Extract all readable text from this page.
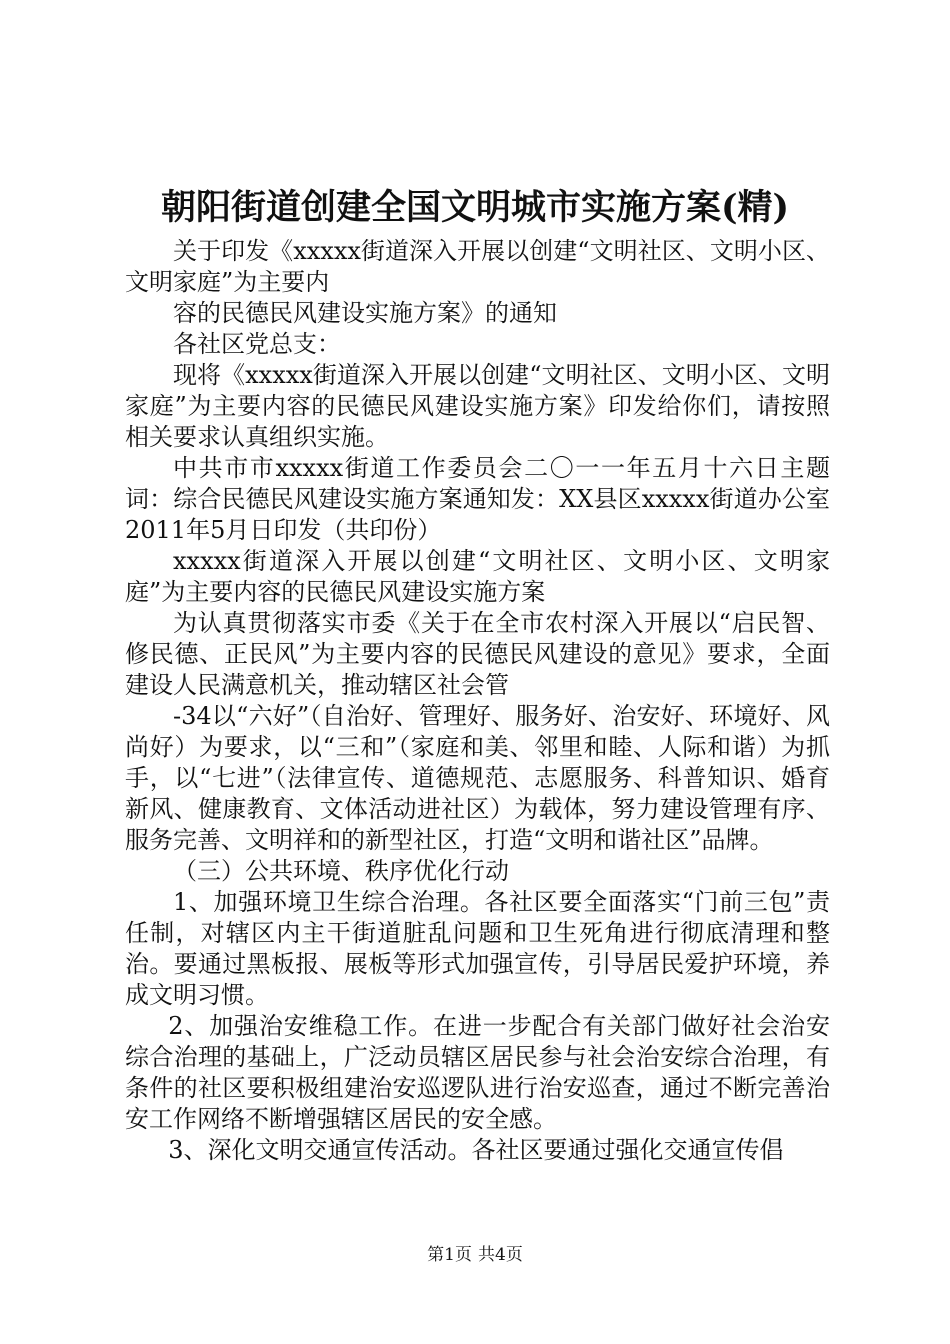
朝阳街道创建全国文明城市实施方案(精)

关于印发《xxxxx街道深入开展以创建“文明社区、文明小区、文明家庭”为主要内

容的民德民风建设实施方案》的通知

各社区党总支：

现将《xxxxx街道深入开展以创建“文明社区、文明小区、文明家庭”为主要内容的民德民风建设实施方案》印发给你们，请按照相关要求认真组织实施。

中共市市xxxxx街道工作委员会二〇一一年五月十六日主题词：综合民德民风建设实施方案通知发：XX县区xxxxx街道办公室2011年5月日印发（共印份）

xxxxx街道深入开展以创建“文明社区、文明小区、文明家庭”为主要内容的民德民风建设实施方案

为认真贯彻落实市委《关于在全市农村深入开展以“启民智、修民德、正民风”为主要内容的民德民风建设的意见》要求，全面建设人民满意机关，推动辖区社会管

-34以“六好”（自治好、管理好、服务好、治安好、环境好、风尚好）为要求，以“三和”（家庭和美、邻里和睦、人际和谐）为抓手，以“七进”（法律宣传、道德规范、志愿服务、科普知识、婚育新风、健康教育、文体活动进社区）为载体，努力建设管理有序、服务完善、文明祥和的新型社区，打造“文明和谐社区”品牌。

（三）公共环境、秩序优化行动

1、加强环境卫生综合治理。各社区要全面落实“门前三包”责任制，对辖区内主干街道脏乱问题和卫生死角进行彻底清理和整治。要通过黑板报、展板等形式加强宣传，引导居民爱护环境，养成文明习惯。

2、加强治安维稳工作。在进一步配合有关部门做好社会治安综合治理的基础上，广泛动员辖区居民参与社会治安综合治理，有条件的社区要积极组建治安巡逻队进行治安巡查，通过不断完善治安工作网络不断增强辖区居民的安全感。

3、深化文明交通宣传活动。各社区要通过强化交通宣传倡

第1页 共4页
